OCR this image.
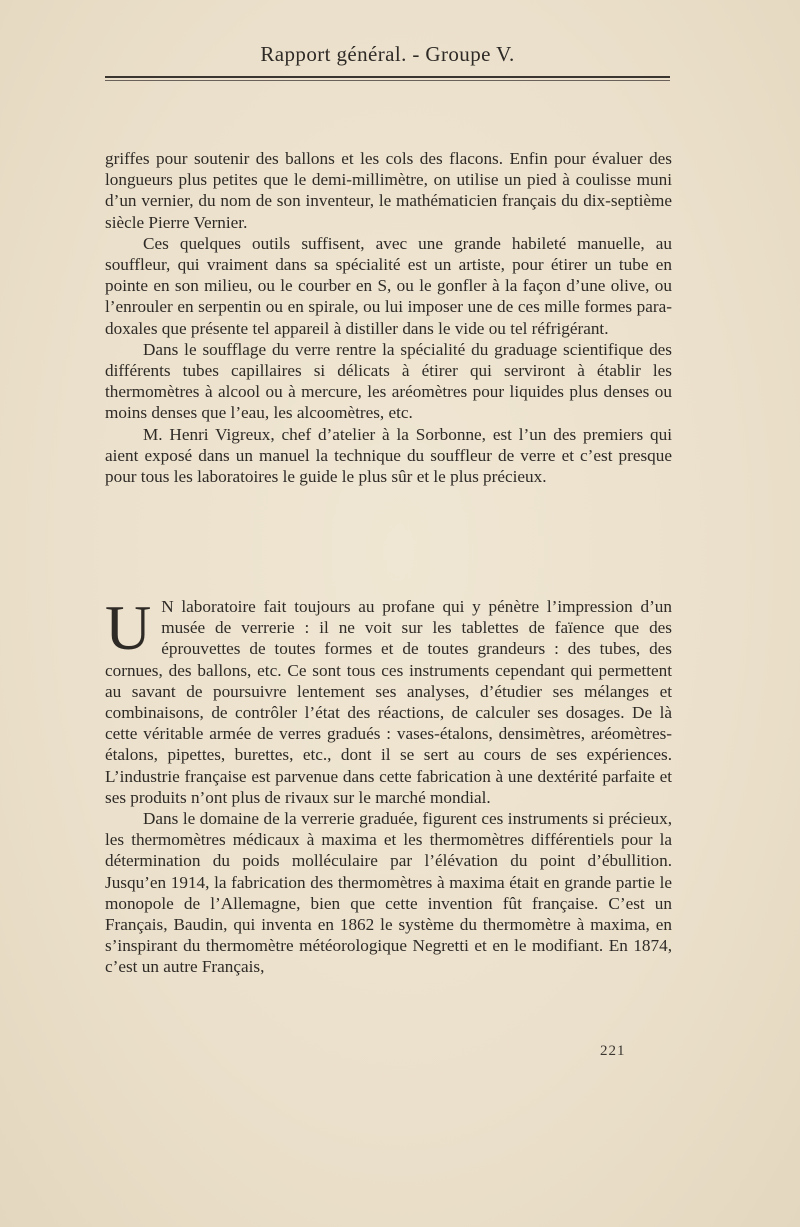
Rapport général. - Groupe V.

griffes pour soutenir des ballons et les cols des flacons. Enfin pour évaluer des longueurs plus petites que le demi-millimètre, on utilise un pied à coulisse muni d’un vernier, du nom de son inventeur, le mathématicien français du dix-septième siècle Pierre Vernier.

Ces quelques outils suffisent, avec une grande habileté manuelle, au souffleur, qui vraiment dans sa spécialité est un artiste, pour étirer un tube en pointe en son milieu, ou le courber en S, ou le gonfler à la façon d’une olive, ou l’enrouler en serpentin ou en spirale, ou lui imposer une de ces mille formes paradoxales que présente tel appareil à distiller dans le vide ou tel réfrigérant.

Dans le soufflage du verre rentre la spécialité du graduage scientifique des différents tubes capillaires si délicats à étirer qui serviront à établir les thermomètres à alcool ou à mercure, les aréomètres pour liquides plus denses ou moins denses que l’eau, les alcoomètres, etc.

M. Henri Vigreux, chef d’atelier à la Sorbonne, est l’un des premiers qui aient exposé dans un manuel la technique du souffleur de verre et c’est presque pour tous les laboratoires le guide le plus sûr et le plus précieux.

U N laboratoire fait toujours au profane qui y pénètre l’impression d’un musée de verrerie : il ne voit sur les tablettes de faïence que des éprouvettes de toutes formes et de toutes grandeurs : des tubes, des cornues, des ballons, etc. Ce sont tous ces instruments cependant qui permettent au savant de poursuivre lentement ses analyses, d’étudier ses mélanges et combinaisons, de contrôler l’état des réactions, de calculer ses dosages. De là cette véritable armée de verres gradués : vases-étalons, densimètres, aréomètres-étalons, pipettes, burettes, etc., dont il se sert au cours de ses expériences. L’industrie française est parvenue dans cette fabrication à une dextérité parfaite et ses produits n’ont plus de rivaux sur le marché mondial.

Dans le domaine de la verrerie graduée, figurent ces instruments si précieux, les thermomètres médicaux à maxima et les thermomètres différentiels pour la détermination du poids molléculaire par l’élévation du point d’ébullition. Jusqu’en 1914, la fabrication des thermomètres à maxima était en grande partie le monopole de l’Allemagne, bien que cette invention fût française. C’est un Français, Baudin, qui inventa en 1862 le système du thermomètre à maxima, en s’inspirant du thermomètre météorologique Negretti et en le modifiant. En 1874, c’est un autre Français,

221
